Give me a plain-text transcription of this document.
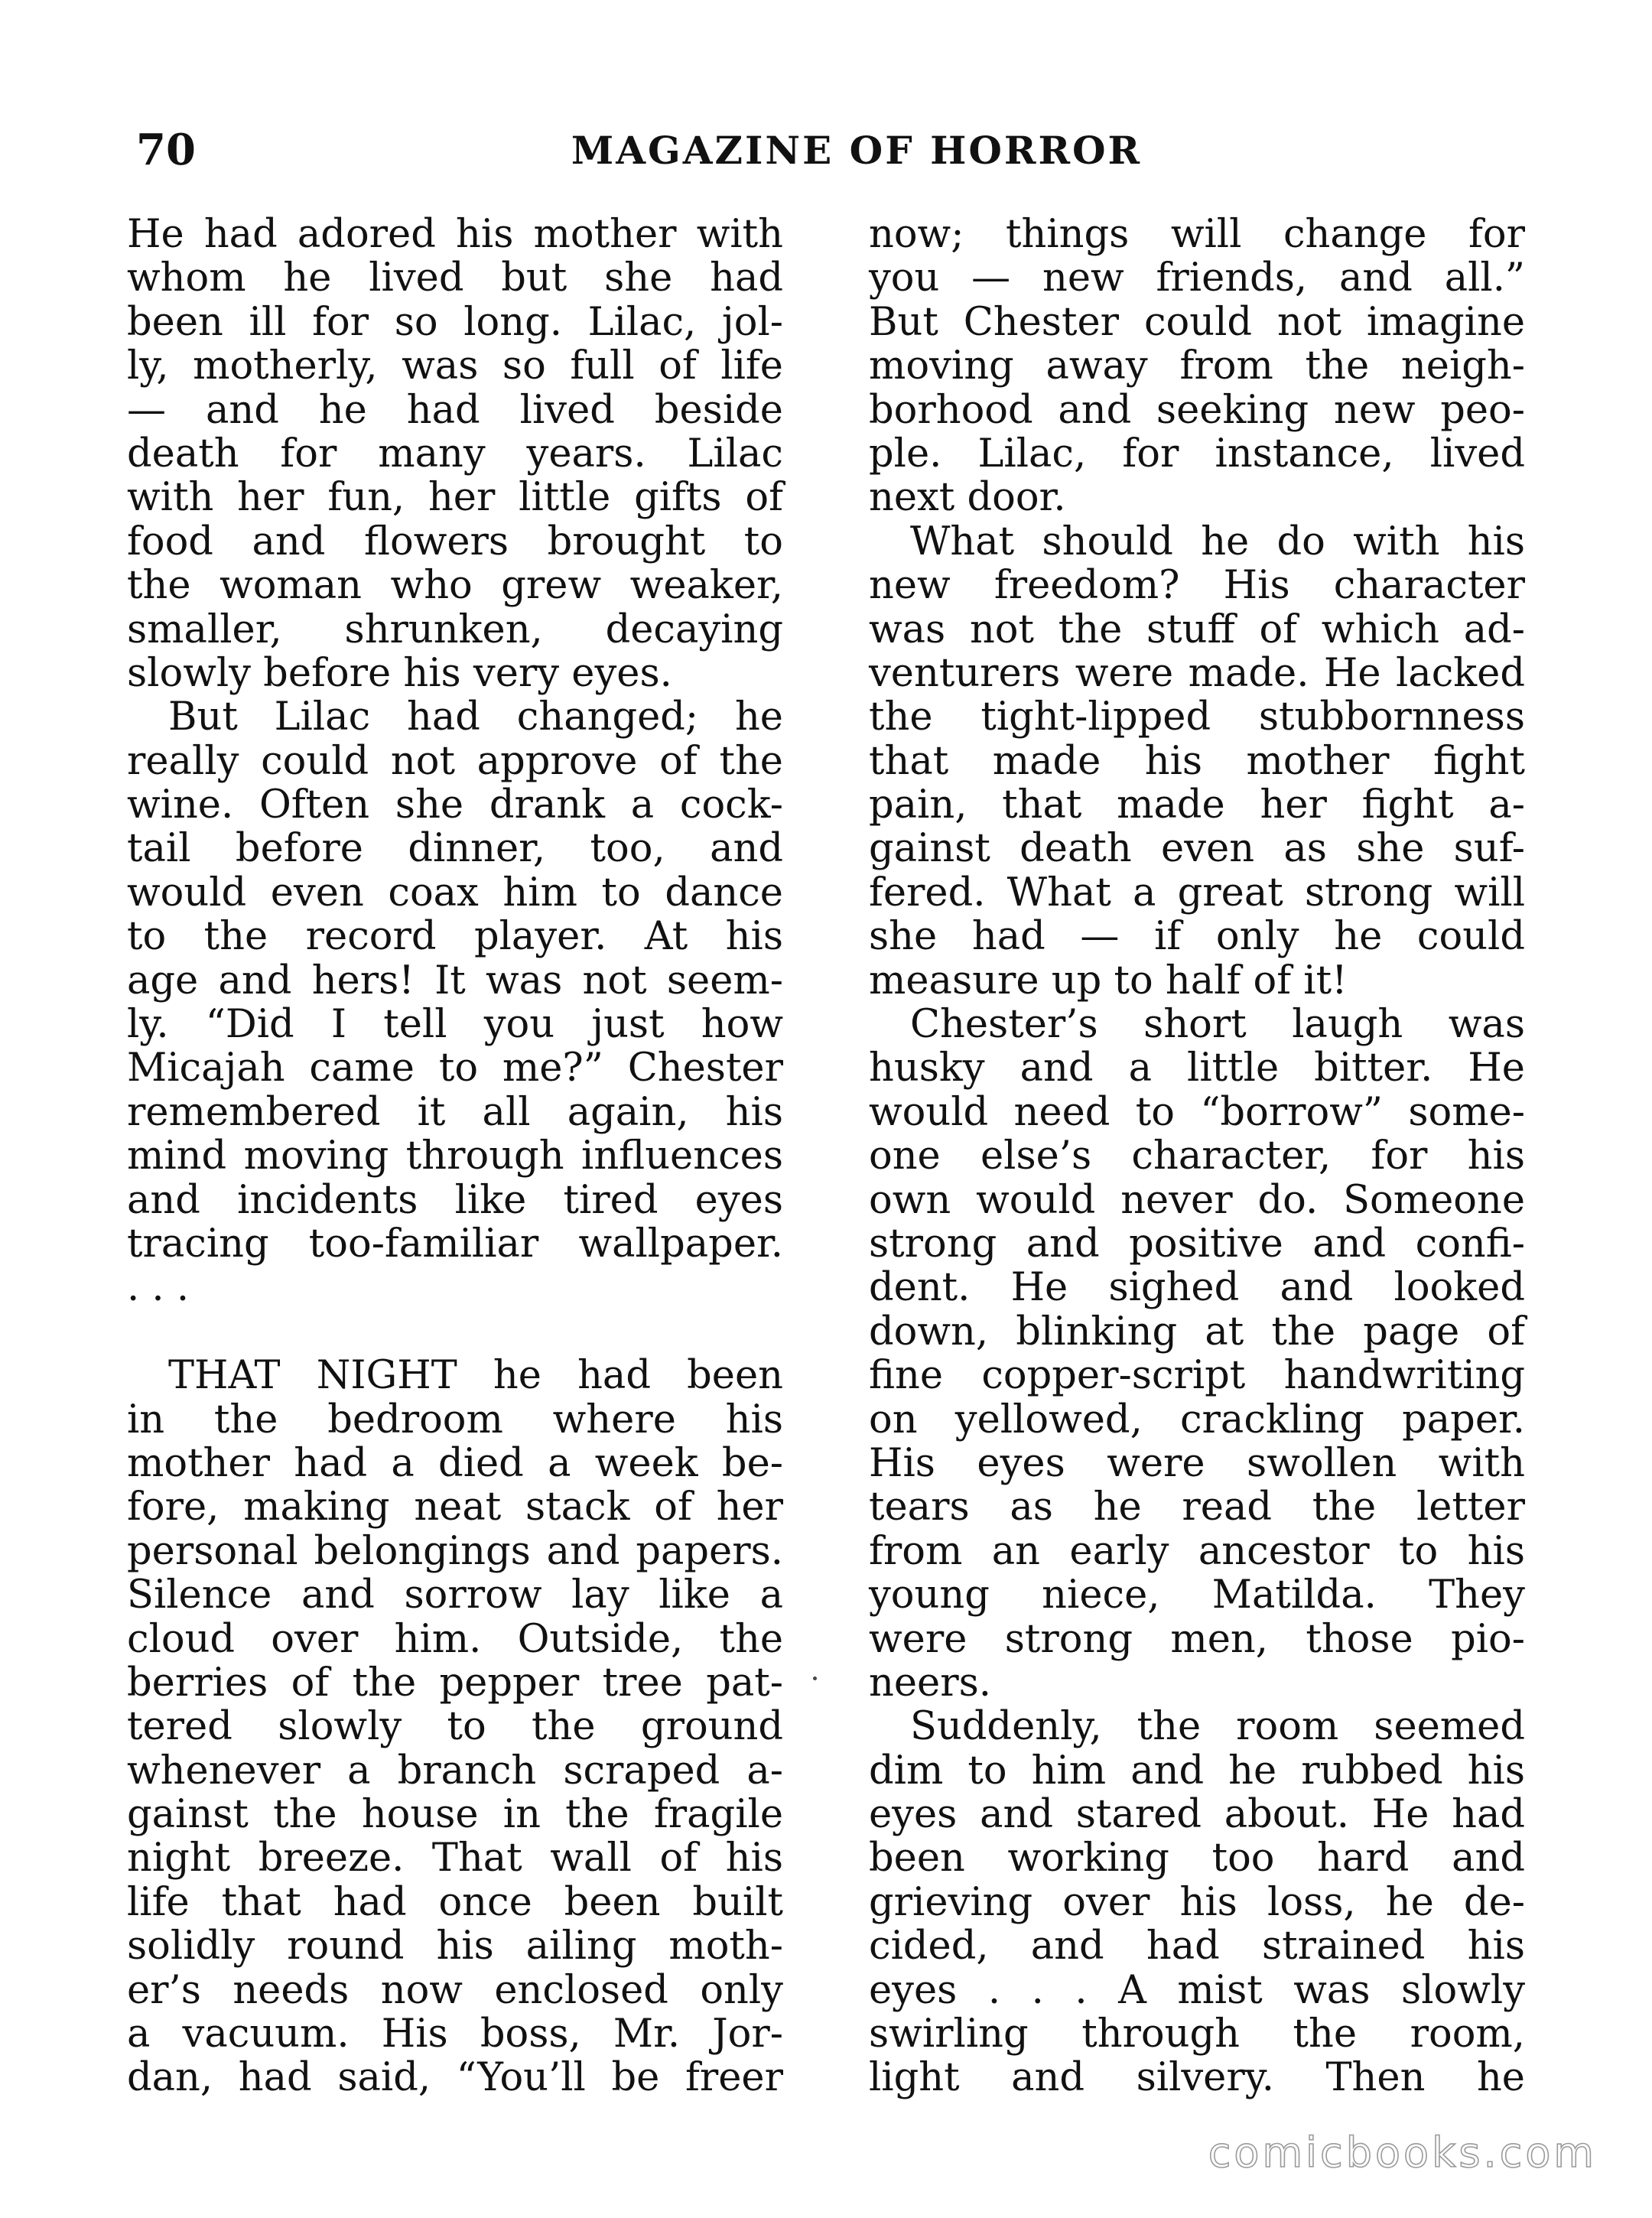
70	MAGAZINE OF HORROR
He had adored his mother with
whom he lived but she had
been ill for so long. Lilac, jol-
ly, motherly, was so full of life
— and he had lived beside
death for many years. Lilac
with her fun, her little gifts of
food and flowers brought to
the woman who grew weaker,
smaller, shrunken, decaying
slowly before his very eyes.
But Lilac had changed; he
really could not approve of the
wine. Often she drank a cock-
tail before dinner, too, and
would even coax him to dance
to the record player. At his
age and hers! It was not seem-
ly. “Did I tell you just how
Micajah came to me?” Chester
remembered it all again, his
mind moving through influences
and incidents like tired eyes
tracing too-familiar wallpaper.
. . .
THAT NIGHT he had been
in the bedroom where his
mother had a died a week be-
fore, making neat stack of her
personal belongings and papers.
Silence and sorrow lay like a
cloud over him. Outside, the
berries of the pepper tree pat-
tered slowly to the ground
whenever a branch scraped a-
gainst the house in the fragile
night breeze. That wall of his
life that had once been built
solidly round his ailing moth-
er’s needs now enclosed only
a vacuum. His boss, Mr. Jor-
dan, had said, “You’ll be freer
now; things will change for
you — new friends, and all.”
But Chester could not imagine
moving away from the neigh-
borhood and seeking new peo-
ple. Lilac, for instance, lived
next door.
What should he do with his
new freedom? His character
was not the stuff of which ad-
venturers were made. He lacked
the tight-lipped stubbornness
that made his mother fight
pain, that made her fight a-
gainst death even as she suf-
fered. What a great strong will
she had — if only he could
measure up to half of it!
Chester’s short laugh was
husky and a little bitter. He
would need to “borrow” some-
one else’s character, for his
own would never do. Someone
strong and positive and confi-
dent. He sighed and looked
down, blinking at the page of
fine copper-script handwriting
on yellowed, crackling paper.
His eyes were swollen with
tears as he read the letter
from an early ancestor to his
young niece, Matilda. They
were strong men, those pio-
neers.
Suddenly, the room seemed
dim to him and he rubbed his
eyes and stared about. He had
been working too hard and
grieving over his loss, he de-
cided, and had strained his
eyes . . . A mist was slowly
swirling through the room,
light and silvery. Then he
comicbooks.com
